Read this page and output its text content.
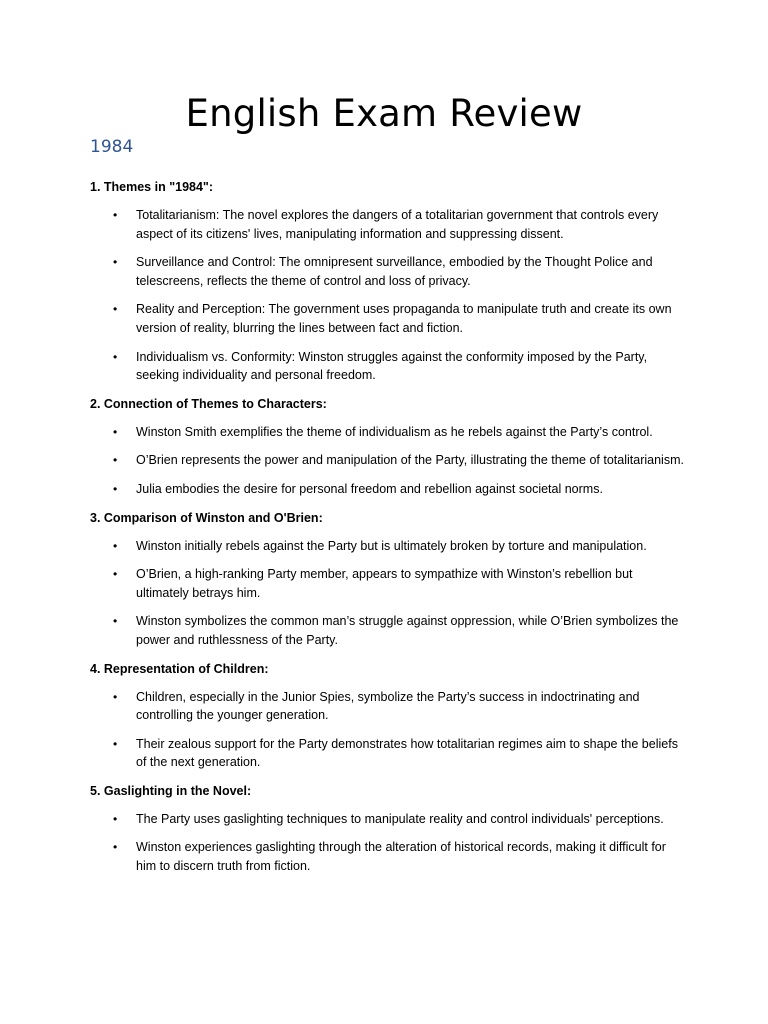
English Exam Review
1984

1. Themes in "1984":

• Totalitarianism: The novel explores the dangers of a totalitarian government that controls every aspect of its citizens' lives, manipulating information and suppressing dissent.
• Surveillance and Control: The omnipresent surveillance, embodied by the Thought Police and telescreens, reflects the theme of control and loss of privacy.
• Reality and Perception: The government uses propaganda to manipulate truth and create its own version of reality, blurring the lines between fact and fiction.
• Individualism vs. Conformity: Winston struggles against the conformity imposed by the Party, seeking individuality and personal freedom.

2. Connection of Themes to Characters:

• Winston Smith exemplifies the theme of individualism as he rebels against the Party’s control.
• O’Brien represents the power and manipulation of the Party, illustrating the theme of totalitarianism.
• Julia embodies the desire for personal freedom and rebellion against societal norms.

3. Comparison of Winston and O'Brien:

• Winston initially rebels against the Party but is ultimately broken by torture and manipulation.
• O’Brien, a high-ranking Party member, appears to sympathize with Winston’s rebellion but ultimately betrays him.
• Winston symbolizes the common man’s struggle against oppression, while O’Brien symbolizes the power and ruthlessness of the Party.

4. Representation of Children:

• Children, especially in the Junior Spies, symbolize the Party’s success in indoctrinating and controlling the younger generation.
• Their zealous support for the Party demonstrates how totalitarian regimes aim to shape the beliefs of the next generation.

5. Gaslighting in the Novel:

• The Party uses gaslighting techniques to manipulate reality and control individuals' perceptions.
• Winston experiences gaslighting through the alteration of historical records, making it difficult for him to discern truth from fiction.
